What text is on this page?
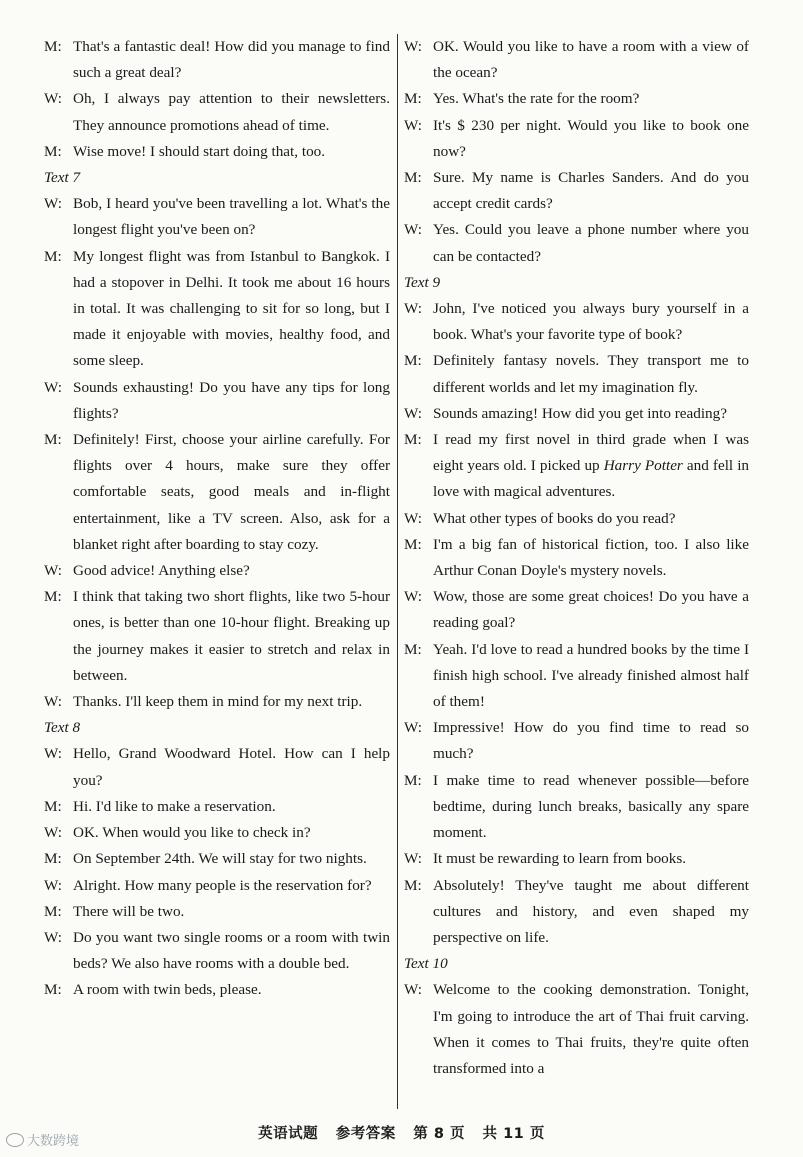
M: That's a fantastic deal! How did you manage to find such a great deal?
W: Oh, I always pay attention to their newsletters. They announce promotions ahead of time.
M: Wise move! I should start doing that, too.
Text 7
W: Bob, I heard you've been travelling a lot. What's the longest flight you've been on?
M: My longest flight was from Istanbul to Bangkok. I had a stopover in Delhi. It took me about 16 hours in total. It was challenging to sit for so long, but I made it enjoyable with movies, healthy food, and some sleep.
W: Sounds exhausting! Do you have any tips for long flights?
M: Definitely! First, choose your airline carefully. For flights over 4 hours, make sure they offer comfortable seats, good meals and in-flight entertainment, like a TV screen. Also, ask for a blanket right after boarding to stay cozy.
W: Good advice! Anything else?
M: I think that taking two short flights, like two 5-hour ones, is better than one 10-hour flight. Breaking up the journey makes it easier to stretch and relax in between.
W: Thanks. I'll keep them in mind for my next trip.
Text 8
W: Hello, Grand Woodward Hotel. How can I help you?
M: Hi. I'd like to make a reservation.
W: OK. When would you like to check in?
M: On September 24th. We will stay for two nights.
W: Alright. How many people is the reservation for?
M: There will be two.
W: Do you want two single rooms or a room with twin beds? We also have rooms with a double bed.
M: A room with twin beds, please.
W: OK. Would you like to have a room with a view of the ocean?
M: Yes. What's the rate for the room?
W: It's $ 230 per night. Would you like to book one now?
M: Sure. My name is Charles Sanders. And do you accept credit cards?
W: Yes. Could you leave a phone number where you can be contacted?
Text 9
W: John, I've noticed you always bury yourself in a book. What's your favorite type of book?
M: Definitely fantasy novels. They transport me to different worlds and let my imagination fly.
W: Sounds amazing! How did you get into reading?
M: I read my first novel in third grade when I was eight years old. I picked up Harry Potter and fell in love with magical adventures.
W: What other types of books do you read?
M: I'm a big fan of historical fiction, too. I also like Arthur Conan Doyle's mystery novels.
W: Wow, those are some great choices! Do you have a reading goal?
M: Yeah. I'd love to read a hundred books by the time I finish high school. I've already finished almost half of them!
W: Impressive! How do you find time to read so much?
M: I make time to read whenever possible—before bedtime, during lunch breaks, basically any spare moment.
W: It must be rewarding to learn from books.
M: Absolutely! They've taught me about different cultures and history, and even shaped my perspective on life.
Text 10
W: Welcome to the cooking demonstration. Tonight, I'm going to introduce the art of Thai fruit carving. When it comes to Thai fruits, they're quite often transformed into a
英语试题 参考答案 第 8 页 共 11 页
大数跨境
